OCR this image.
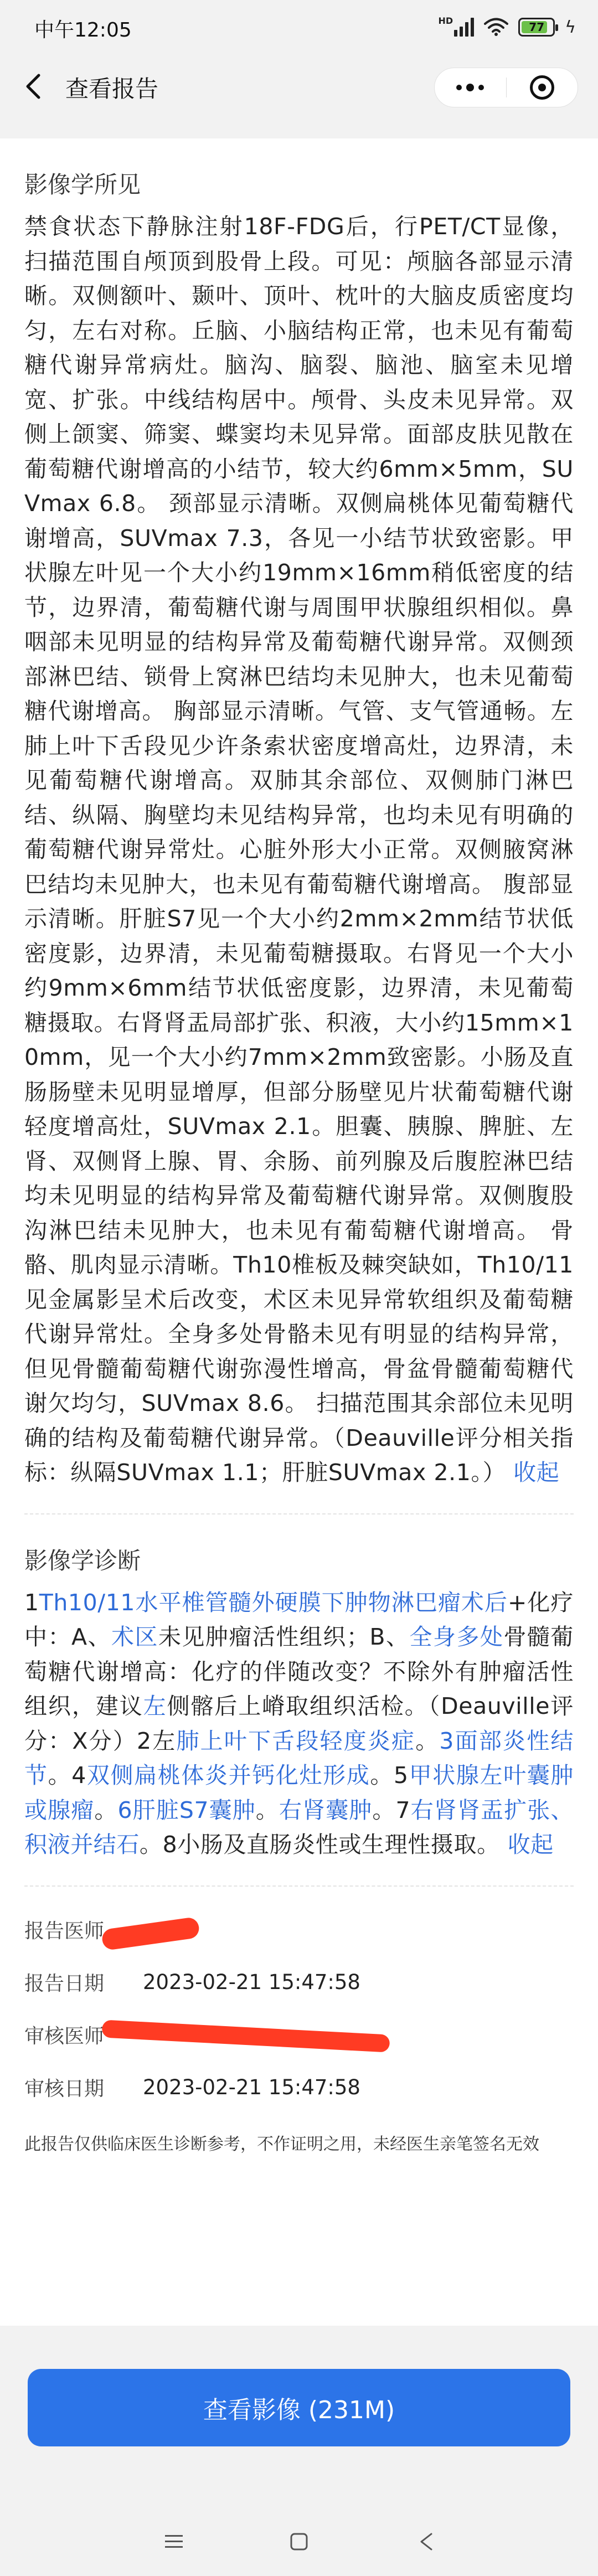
中午12:05	HD	77 ϟ
查看报告
影像学所见
禁食状态下静脉注射18F-FDG后，行PET/CT显像，扫描范围自颅顶到股骨上段。可见：颅脑各部显示清晰。双侧额叶、颞叶、顶叶、枕叶的大脑皮质密度均匀，左右对称。丘脑、小脑结构正常，也未见有葡萄糖代谢异常病灶。脑沟、脑裂、脑池、脑室未见增宽、扩张。中线结构居中。颅骨、头皮未见异常。双侧上颌窦、筛窦、蝶窦均未见异常。面部皮肤见散在葡萄糖代谢增高的小结节，较大约6mm×5mm，SUVmax 6.8。 颈部显示清晰。双侧扁桃体见葡萄糖代谢增高，SUVmax 7.3，各见一小结节状致密影。甲状腺左叶见一个大小约19mm×16mm稍低密度的结节，边界清，葡萄糖代谢与周围甲状腺组织相似。鼻咽部未见明显的结构异常及葡萄糖代谢异常。双侧颈部淋巴结、锁骨上窝淋巴结均未见肿大，也未见葡萄糖代谢增高。 胸部显示清晰。气管、支气管通畅。左肺上叶下舌段见少许条索状密度增高灶，边界清，未见葡萄糖代谢增高。双肺其余部位、双侧肺门淋巴结、纵隔、胸壁均未见结构异常，也均未见有明确的葡萄糖代谢异常灶。心脏外形大小正常。双侧腋窝淋巴结均未见肿大，也未见有葡萄糖代谢增高。 腹部显示清晰。肝脏S7见一个大小约2mm×2mm结节状低密度影，边界清，未见葡萄糖摄取。右肾见一个大小约9mm×6mm结节状低密度影，边界清，未见葡萄糖摄取。右肾肾盂局部扩张、积液，大小约15mm×10mm，见一个大小约7mm×2mm致密影。小肠及直肠肠壁未见明显增厚，但部分肠壁见片状葡萄糖代谢轻度增高灶，SUVmax 2.1。胆囊、胰腺、脾脏、左肾、双侧肾上腺、胃、余肠、前列腺及后腹腔淋巴结均未见明显的结构异常及葡萄糖代谢异常。双侧腹股沟淋巴结未见肿大，也未见有葡萄糖代谢增高。 骨骼、肌肉显示清晰。Th10椎板及棘突缺如，Th10/11见金属影呈术后改变，术区未见异常软组织及葡萄糖代谢异常灶。全身多处骨骼未见有明显的结构异常，但见骨髓葡萄糖代谢弥漫性增高，骨盆骨髓葡萄糖代谢欠均匀，SUVmax 8.6。 扫描范围其余部位未见明确的结构及葡萄糖代谢异常。（Deauville评分相关指标：纵隔SUVmax 1.1；肝脏SUVmax 2.1。） 收起
影像学诊断
1Th10/11水平椎管髓外硬膜下肿物淋巴瘤术后+化疗中：A、术区未见肿瘤活性组织；B、全身多处骨髓葡萄糖代谢增高：化疗的伴随改变？不除外有肿瘤活性组织，建议左侧髂后上嵴取组织活检。（Deauville评分：X分）2左肺上叶下舌段轻度炎症。3面部炎性结节。4双侧扁桃体炎并钙化灶形成。5甲状腺左叶囊肿或腺瘤。6肝脏S7囊肿。右肾囊肿。7右肾肾盂扩张、积液并结石。8小肠及直肠炎性或生理性摄取。 收起
报告医师
报告日期	2023-02-21 15:47:58
审核医师
审核日期	2023-02-21 15:47:58
此报告仅供临床医生诊断参考，不作证明之用，未经医生亲笔签名无效
查看影像 (231M)
